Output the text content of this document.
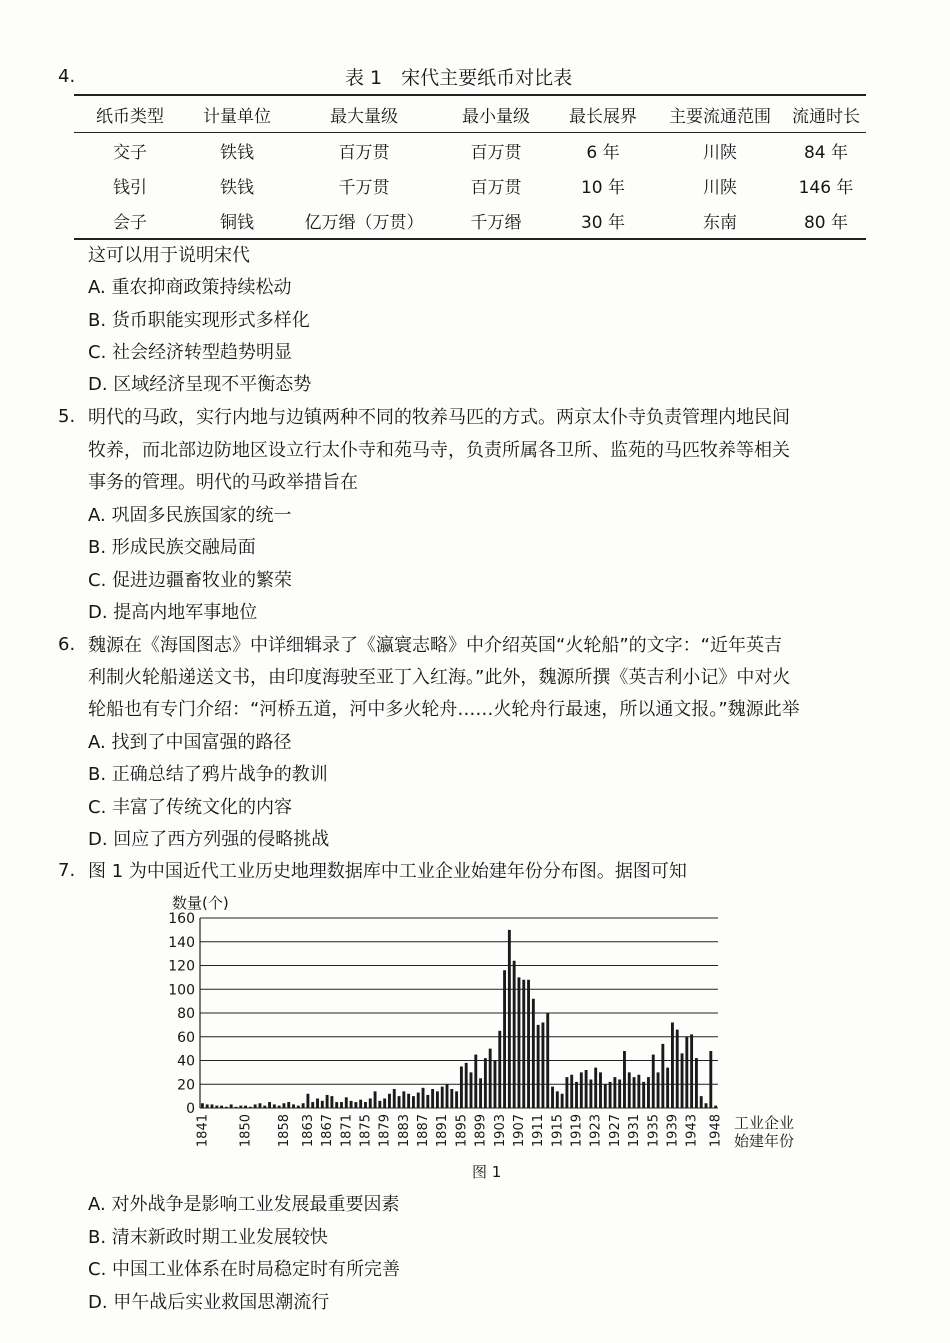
4.	表 1　宋代主要纸币对比表
纸币类型	计量单位	最大量级	最小量级	最长展界	主要流通范围	流通时长
交子	铁钱	百万贯	百万贯	6 年	川陕	84 年
钱引	铁钱	千万贯	百万贯	10 年	川陕	146 年
会子	铜钱	亿万缗（万贯）	千万缗	30 年	东南	80 年
这可以用于说明宋代
A. 重农抑商政策持续松动
B. 货币职能实现形式多样化
C. 社会经济转型趋势明显
D. 区域经济呈现不平衡态势
5. 明代的马政，实行内地与边镇两种不同的牧养马匹的方式。两京太仆寺负责管理内地民间
牧养，而北部边防地区设立行太仆寺和苑马寺，负责所属各卫所、监苑的马匹牧养等相关
事务的管理。明代的马政举措旨在
A. 巩固多民族国家的统一
B. 形成民族交融局面
C. 促进边疆畜牧业的繁荣
D. 提高内地军事地位
6. 魏源在《海国图志》中详细辑录了《瀛寰志略》中介绍英国“火轮船”的文字：“近年英吉
利制火轮船递送文书，由印度海驶至亚丁入红海。”此外，魏源所撰《英吉利小记》中对火
轮船也有专门介绍：“河桥五道，河中多火轮舟……火轮舟行最速，所以通文报。”魏源此举
A. 找到了中国富强的路径
B. 正确总结了鸦片战争的教训
C. 丰富了传统文化的内容
D. 回应了西方列强的侵略挑战
7. 图 1 为中国近代工业历史地理数据库中工业企业始建年份分布图。据图可知
数量(个)
0
20
40
60
80
100
120
140
160
1841 1850 1858 1863 1867 1871 1875 1879 1883 1887 1891 1895 1899 1903 1907 1911 1915 1919 1923 1927 1931 1935 1939 1943 1948 工业企业
始建年份
图 1
A. 对外战争是影响工业发展最重要因素
B. 清末新政时期工业发展较快
C. 中国工业体系在时局稳定时有所完善
D. 甲午战后实业救国思潮流行
